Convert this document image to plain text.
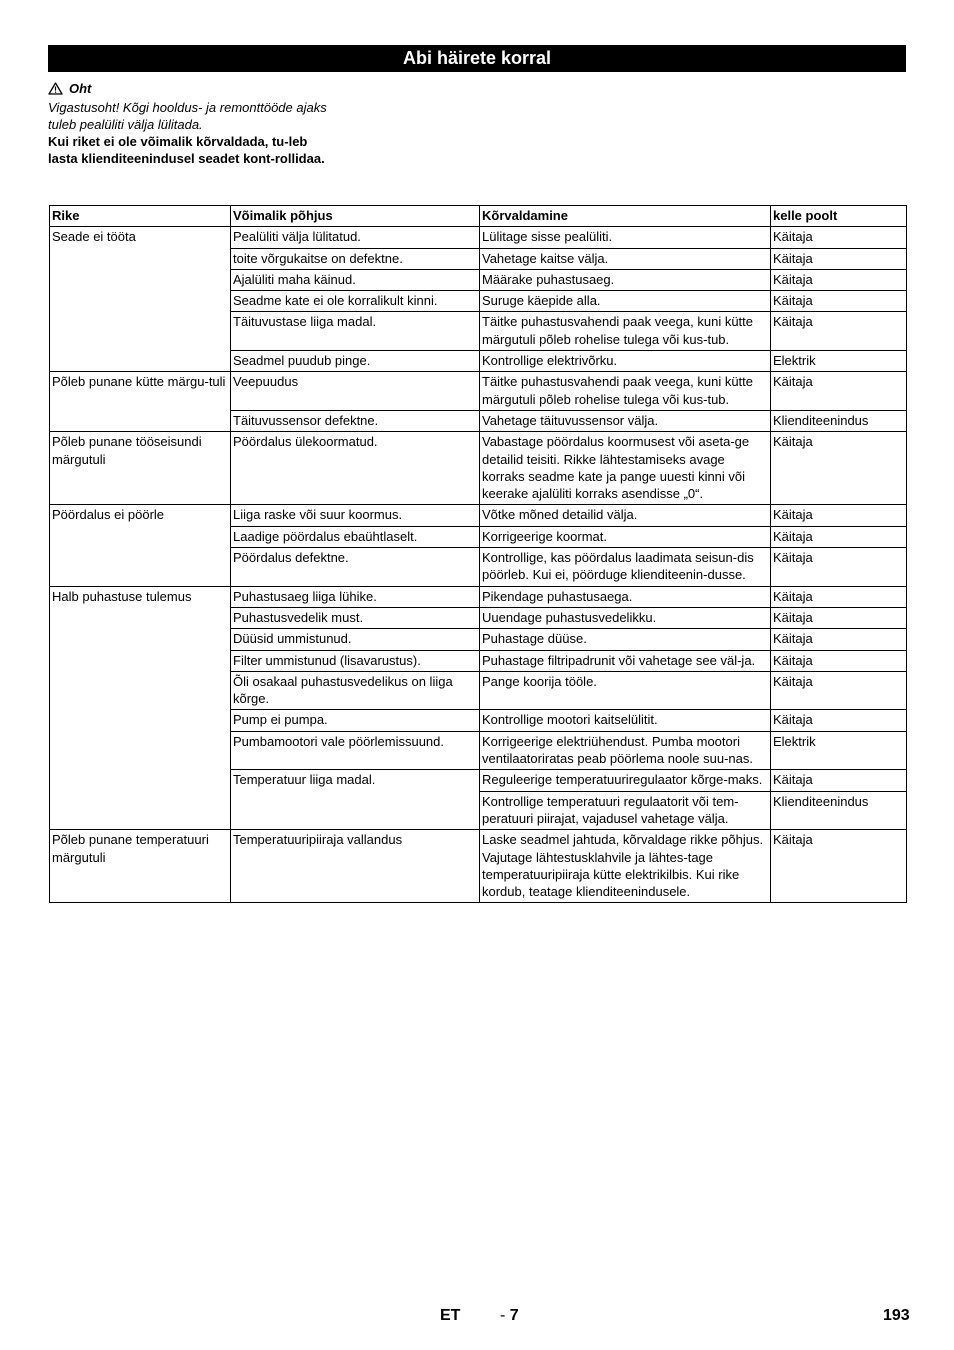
Abi häirete korral
Oht
Vigastusoht! Kõgi hooldus- ja remonttööde ajaks tuleb pealüliti välja lülitada.
Kui riket ei ole võimalik kõrvaldada, tu-leb lasta klienditeenindusel seadet kont-rollidaa.
Rike	Võimalik põhjus	Kõrvaldamine	kelle poolt
Seade ei tööta	Pealüliti välja lülitatud.	Lülitage sisse pealüliti.	Käitaja
	toite võrgukaitse on defektne.	Vahetage kaitse välja.	Käitaja
	Ajalüliti maha käinud.	Määrake puhastusaeg.	Käitaja
	Seadme kate ei ole korralikult kinni.	Suruge käepide alla.	Käitaja
	Täituvustase liiga madal.	Täitke puhastusvahendi paak veega, kuni kütte märgutuli põleb rohelise tulega või kus-tub.	Käitaja
	Seadmel puudub pinge.	Kontrollige elektrivõrku.	Elektrik
Põleb punane kütte märgu-tuli	Veepuudus	Täitke puhastusvahendi paak veega, kuni kütte märgutuli põleb rohelise tulega või kus-tub.	Käitaja
	Täituvussensor defektne.	Vahetage täituvussensor välja.	Klienditeenindus
Põleb punane tööseisundi märgutuli	Pöördalus ülekoormatud.	Vabastage pöördalus koormusest või aseta-ge detailid teisiti. Rikke lähtestamiseks avage korraks seadme kate ja pange uuesti kinni või keerake ajalüliti korraks asendisse „0“.	Käitaja
Pöördalus ei pöörle	Liiga raske või suur koormus.	Võtke mõned detailid välja.	Käitaja
	Laadige pöördalus ebaühtlaselt.	Korrigeerige koormat.	Käitaja
	Pöördalus defektne.	Kontrollige, kas pöördalus laadimata seisun-dis pöörleb. Kui ei, pöörduge klienditeenin-dusse.	Käitaja
Halb puhastuse tulemus	Puhastusaeg liiga lühike.	Pikendage puhastusaega.	Käitaja
	Puhastusvedelik must.	Uuendage puhastusvedelikku.	Käitaja
	Düüsid ummistunud.	Puhastage düüse.	Käitaja
	Filter ummistunud (lisavarustus).	Puhastage filtripadrunit või vahetage see väl-ja.	Käitaja
	Õli osakaal puhastusvedelikus on liiga kõrge.	Pange koorija tööle.	Käitaja
	Pump ei pumpa.	Kontrollige mootori kaitselülitit.	Käitaja
	Pumbamootori vale pöörlemissuund.	Korrigeerige elektriühendust. Pumba mootori ventilaatoriratas peab pöörlema noole suu-nas.	Elektrik
	Temperatuur liiga madal.	Reguleerige temperatuuriregulaator kõrge-maks.	Käitaja
		Kontrollige temperatuuri regulaatorit või tem-peratuuri piirajat, vajadusel vahetage välja.	Klienditeenindus
Põleb punane temperatuuri märgutuli	Temperatuuripiiraja vallandus	Laske seadmel jahtuda, kõrvaldage rikke põhjus. Vajutage lähtestusklahvile ja lähtes-tage temperatuuripiiraja kütte elektrikilbis. Kui rike kordub, teatage klienditeenindusele.	Käitaja
ET - 7	193
